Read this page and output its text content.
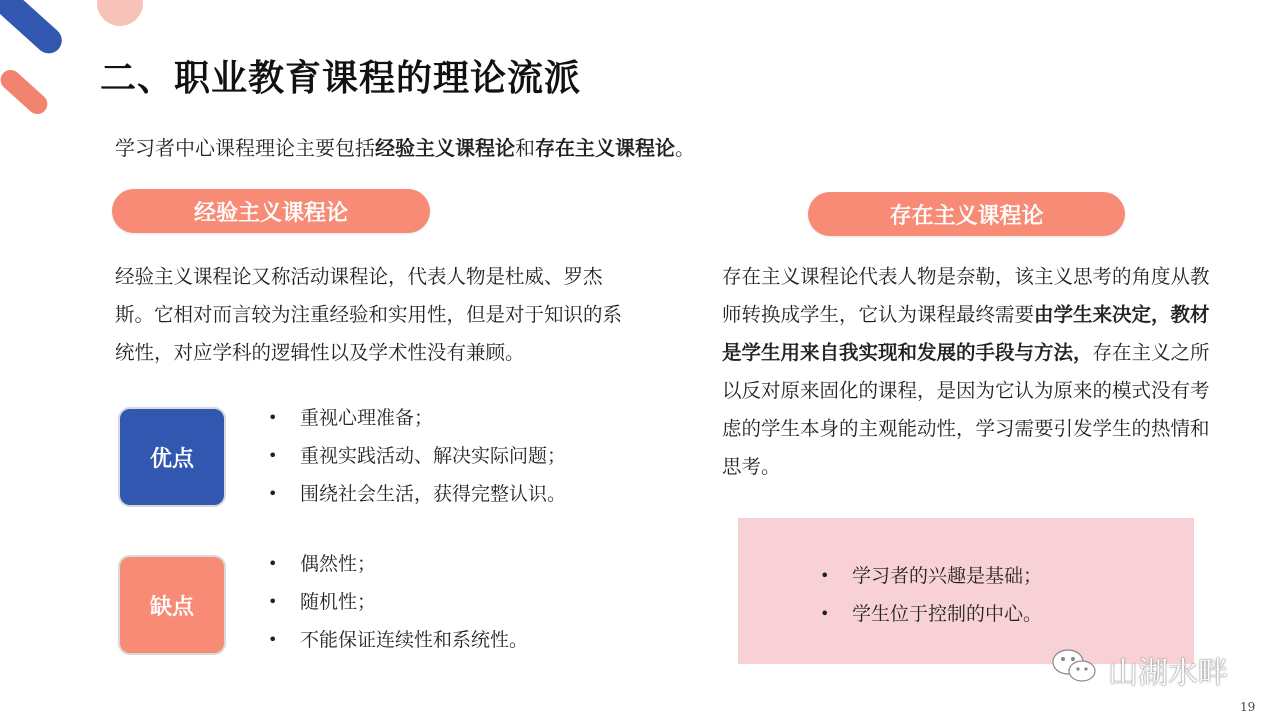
二、职业教育课程的理论流派
学习者中心课程理论主要包括经验主义课程论和存在主义课程论。
经验主义课程论	存在主义课程论
经验主义课程论又称活动课程论，代表人物是杜威、罗杰斯。它相对而言较为注重经验和实用性，但是对于知识的系统性，对应学科的逻辑性以及学术性没有兼顾。
存在主义课程论代表人物是奈勒，该主义思考的角度从教师转换成学生，它认为课程最终需要由学生来决定，教材是学生用来自我实现和发展的手段与方法，存在主义之所以反对原来固化的课程，是因为它认为原来的模式没有考虑的学生本身的主观能动性，学习需要引发学生的热情和思考。
优点
• 重视心理准备；
• 重视实践活动、解决实际问题；
• 围绕社会生活，获得完整认识。
缺点
• 偶然性；
• 随机性；
• 不能保证连续性和系统性。
• 学习者的兴趣是基础；
• 学生位于控制的中心。
山湖水畔
19
